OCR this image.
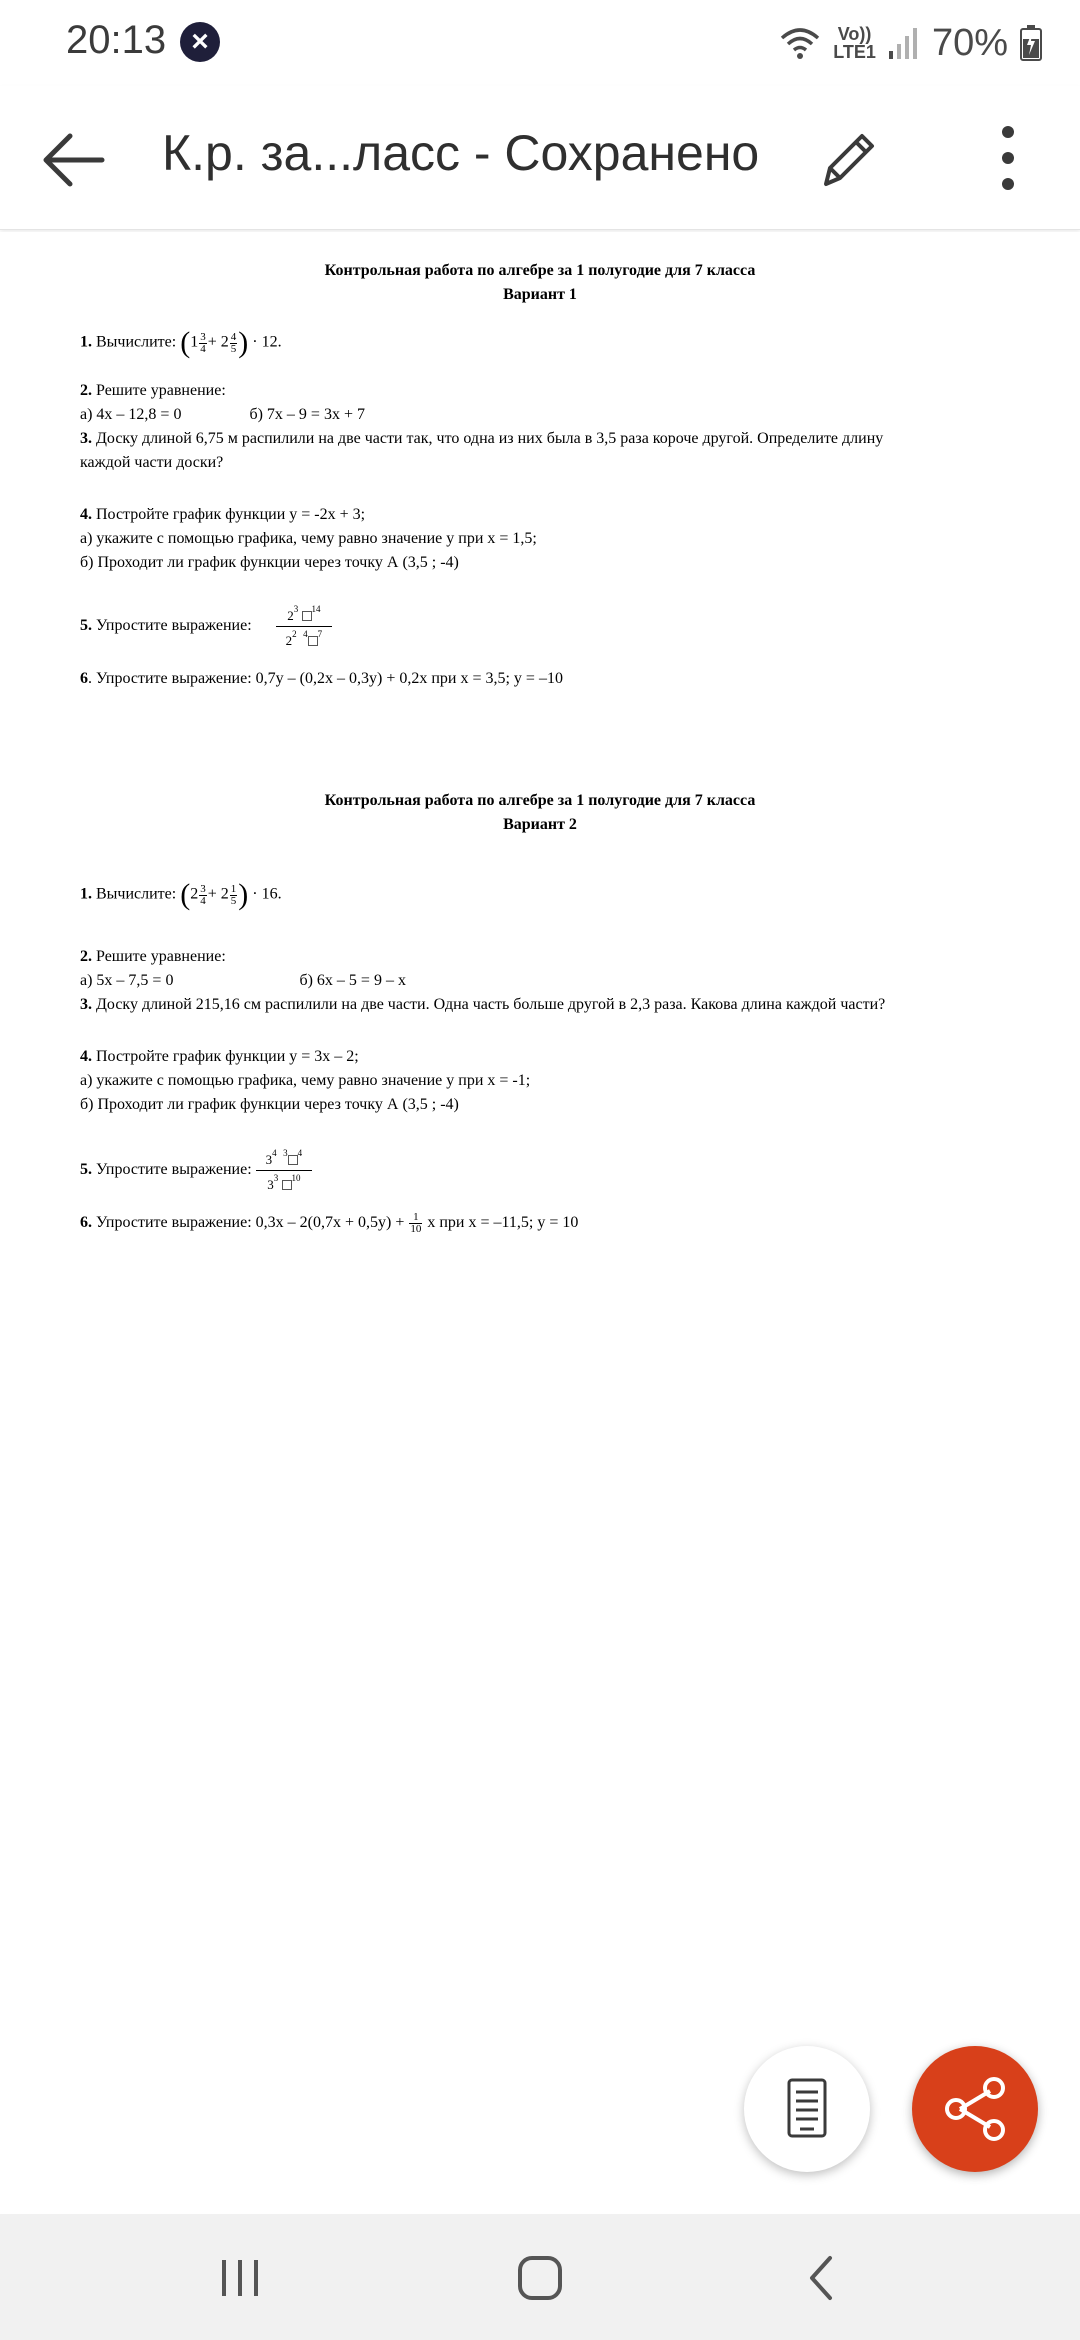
20:13 ×	Vo))
LTE1 70%
К.р. за...ласс - Сохранено
Контрольная работа по алгебре за 1 полугодие для 7 класса
Вариант 1
1. Вычислите: ($1 \frac{3}{4} + 2 \frac{4}{5}$ ) · 12.
2. Решите уравнение:
а) 4х – 12,8 = 0	б) 7х – 9 = 3х + 7
3. Доску длиной 6,75 м распилили на две части так, что одна из них была в 3,5 раза короче другой. Определите длину
каждой части доски?
4. Постройте график функции y = -2x + 3;
а) укажите с помощью графика, чему равно значение y при x = 1,5;
б) Проходит ли график функции через точку А (3,5 ; -4)
5. Упростите выражение: $\frac{2^3 ^{14}}{2^2 ^4 ^7}$
6. Упростите выражение: 0,7у – (0,2х – 0,3у) + 0,2х при х = 3,5; у = –10
Контрольная работа по алгебре за 1 полугодие для 7 класса
Вариант 2
1. Вычислите: ($2 \frac{3}{4} + 2 \frac{1}{5}$ ) · 16.
2. Решите уравнение:
а) 5х – 7,5 = 0	б) 6х – 5 = 9 – х
3. Доску длиной 215,16 см распилили на две части. Одна часть больше другой в 2,3 раза. Какова длина каждой части?
4. Постройте график функции y = 3x – 2;
а) укажите с помощью графика, чему равно значение y при x = -1;
б) Проходит ли график функции через точку А (3,5 ; -4)
5. Упростите выражение: $\frac{3^4 ^3 ^4}{3^3 ^{10}}$
6. Упростите выражение: $0,3х - 2(0,7х + 0,5у) + \frac{1}{10}$ х при х = –11,5; у = 10
